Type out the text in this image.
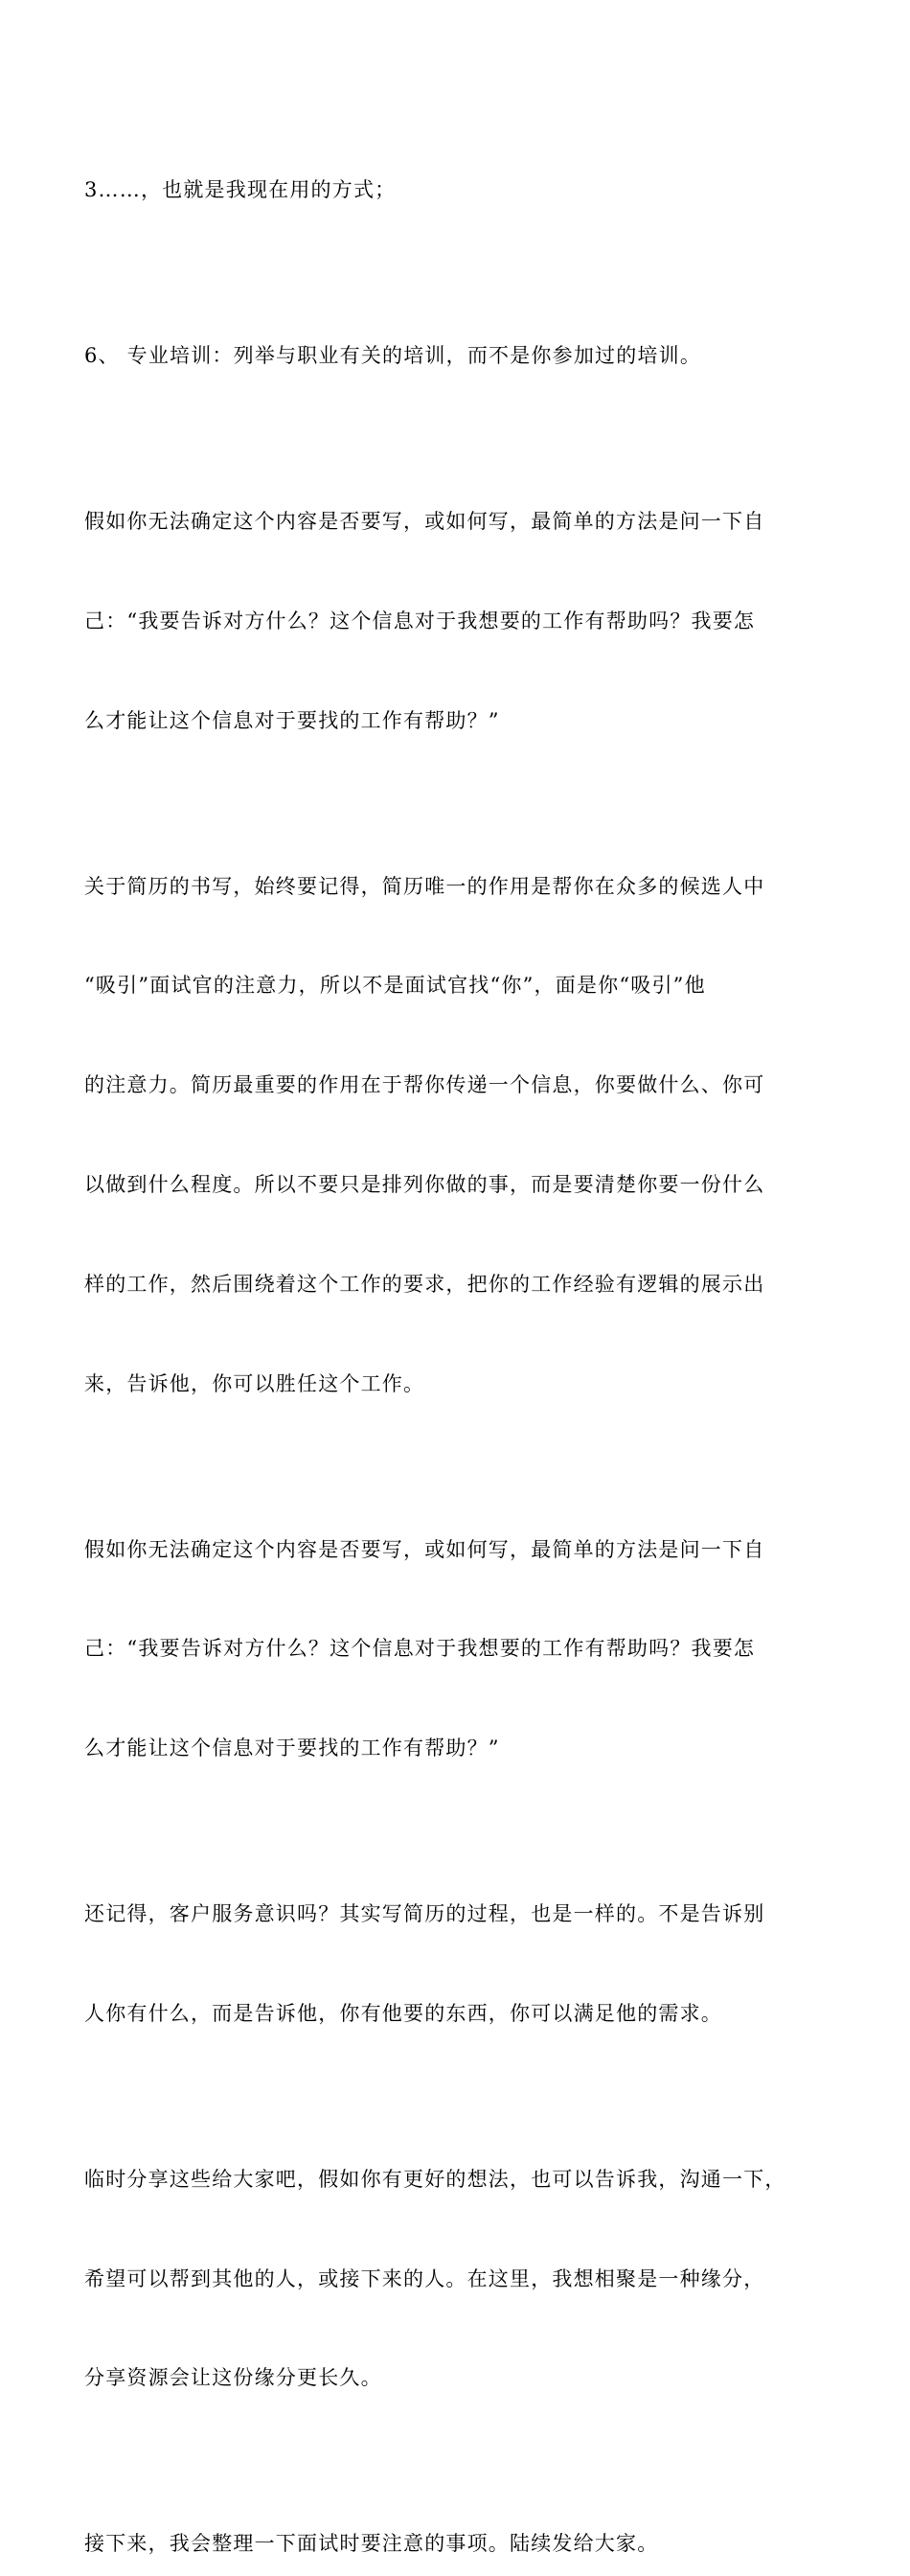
3……，也就是我现在用的方式；

6、 专业培训：列举与职业有关的培训，而不是你参加过的培训。

假如你无法确定这个内容是否要写，或如何写，最简单的方法是问一下自

己：“我要告诉对方什么？这个信息对于我想要的工作有帮助吗？我要怎

么才能让这个信息对于要找的工作有帮助？”

关于简历的书写，始终要记得，简历唯一的作用是帮你在众多的候选人中

“吸引”面试官的注意力，所以不是面试官找“你”，面是你“吸引”他

的注意力。简历最重要的作用在于帮你传递一个信息，你要做什么、你可

以做到什么程度。所以不要只是排列你做的事，而是要清楚你要一份什么

样的工作，然后围绕着这个工作的要求，把你的工作经验有逻辑的展示出

来，告诉他，你可以胜任这个工作。

假如你无法确定这个内容是否要写，或如何写，最简单的方法是问一下自

己：“我要告诉对方什么？这个信息对于我想要的工作有帮助吗？我要怎

么才能让这个信息对于要找的工作有帮助？”

还记得，客户服务意识吗？其实写简历的过程，也是一样的。不是告诉别

人你有什么，而是告诉他，你有他要的东西，你可以满足他的需求。

临时分享这些给大家吧，假如你有更好的想法，也可以告诉我，沟通一下，

希望可以帮到其他的人，或接下来的人。在这里，我想相聚是一种缘分，

分享资源会让这份缘分更长久。

接下来，我会整理一下面试时要注意的事项。陆续发给大家。
